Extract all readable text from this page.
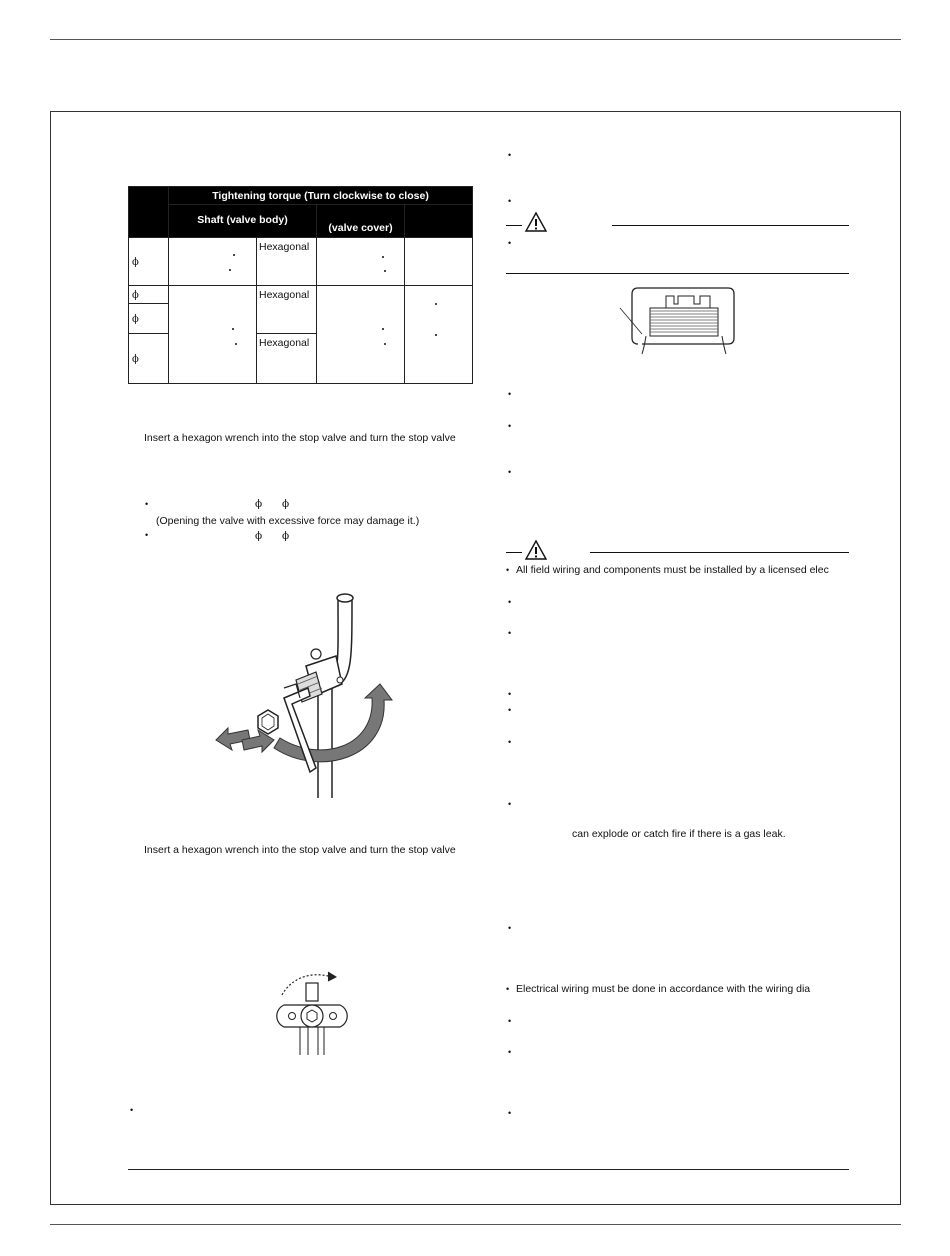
	Tightening torque (Turn clockwise to close)			
	Shaft (valve body)		(valve cover)	
ϕ		Hexagonal		
ϕ		Hexagonal		
ϕ				
ϕ		Hexagonal		
Insert a hexagon wrench into the stop valve and turn the stop valve
•	ϕ ϕ
(Opening the valve with excessive force may damage it.)
•	ϕ ϕ
Insert a hexagon wrench into the stop valve and turn the stop valve
•
•
•
•
•
•
•
• All field wiring and components must be installed by a licensed elec
•
•
•
•
•
•
can explode or catch fire if there is a gas leak.
•
• Electrical wiring must be done in accordance with the wiring dia
•
•
•
